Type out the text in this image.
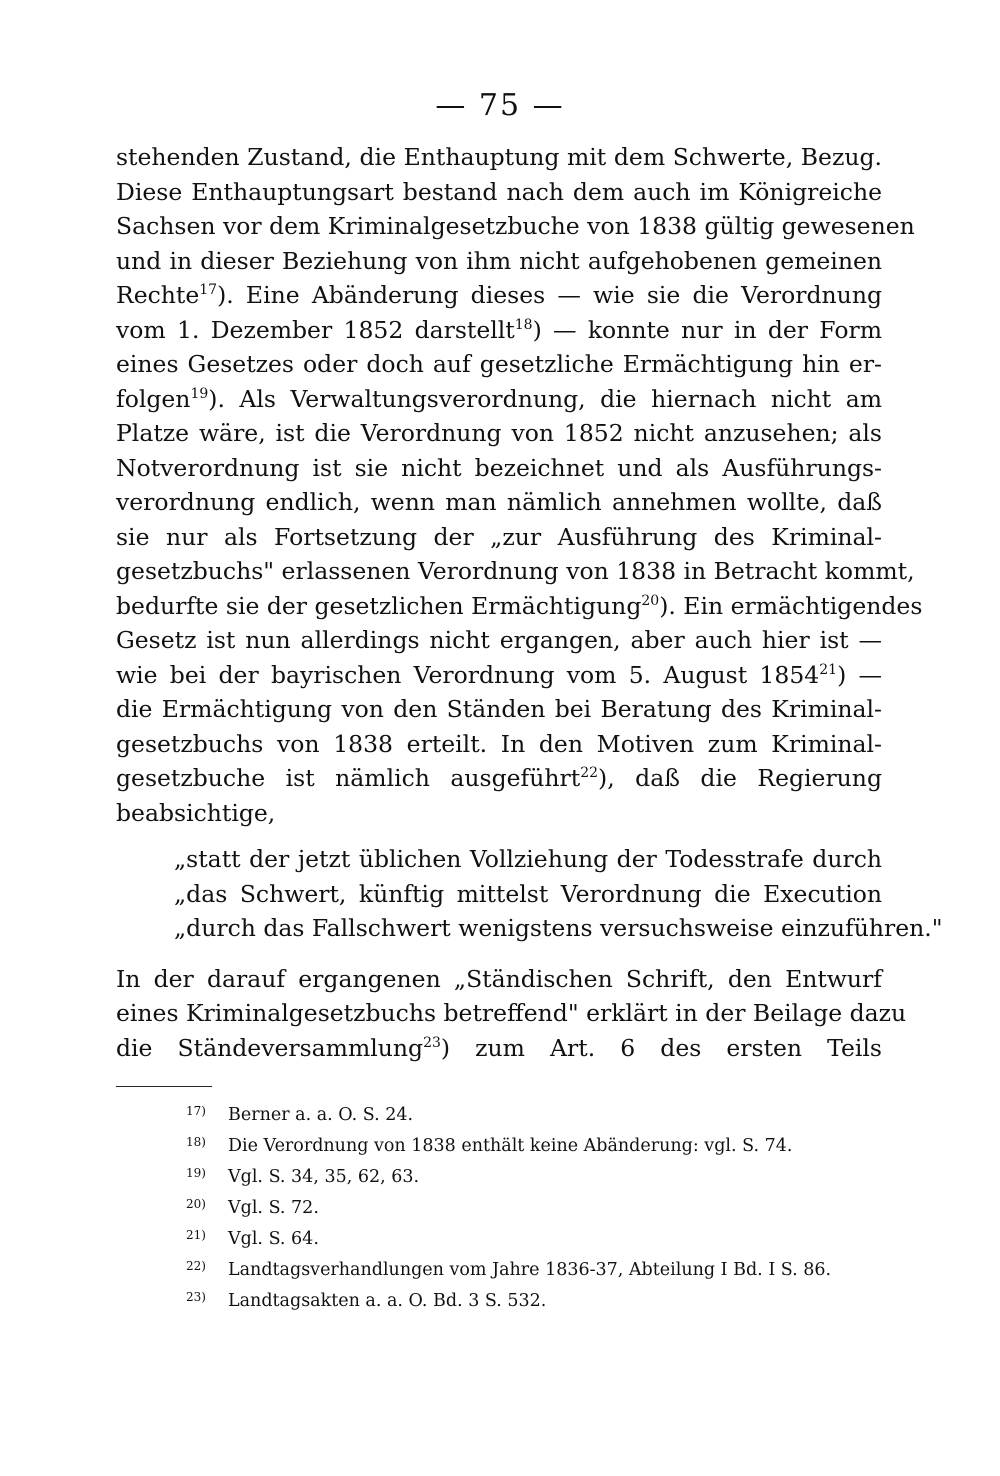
— 75 —
stehenden Zustand, die Enthauptung mit dem Schwerte, Bezug.
Diese Enthauptungsart bestand nach dem auch im Königreiche
Sachsen vor dem Kriminalgesetzbuche von 1838 gültig gewesenen
und in dieser Beziehung von ihm nicht aufgehobenen gemeinen
Rechte$^{17}$). Eine Abänderung dieses — wie sie die Verordnung
vom 1. Dezember 1852 darstellt$^{18}$) — konnte nur in der Form
eines Gesetzes oder doch auf gesetzliche Ermächtigung hin er-
folgen$^{19}$). Als Verwaltungsverordnung, die hiernach nicht am
Platze wäre, ist die Verordnung von 1852 nicht anzusehen; als
Notverordnung ist sie nicht bezeichnet und als Ausführungs-
verordnung endlich, wenn man nämlich annehmen wollte, daß
sie nur als Fortsetzung der „zur Ausführung des Kriminal-
gesetzbuchs" erlassenen Verordnung von 1838 in Betracht kommt,
bedurfte sie der gesetzlichen Ermächtigung$^{20}$). Ein ermächtigendes
Gesetz ist nun allerdings nicht ergangen, aber auch hier ist —
wie bei der bayrischen Verordnung vom 5. August 1854$^{21}$) —
die Ermächtigung von den Ständen bei Beratung des Kriminal-
gesetzbuchs von 1838 erteilt. In den Motiven zum Kriminal-
gesetzbuche ist nämlich ausgeführt$^{22}$), daß die Regierung
beabsichtige,
„statt der jetzt üblichen Vollziehung der Todesstrafe durch
„das Schwert, künftig mittelst Verordnung die Execution
„durch das Fallschwert wenigstens versuchsweise einzuführen."
In der darauf ergangenen „Ständischen Schrift, den Entwurf
eines Kriminalgesetzbuchs betreffend" erklärt in der Beilage dazu
die Ständeversammlung$^{23}$) zum Art. 6 des ersten Teils
17) Berner a. a. O. S. 24.
18) Die Verordnung von 1838 enthält keine Abänderung: vgl. S. 74.
19) Vgl. S. 34, 35, 62, 63.
20) Vgl. S. 72.
21) Vgl. S. 64.
22) Landtagsverhandlungen vom Jahre 1836-37, Abteilung I Bd. I S. 86.
23) Landtagsakten a. a. O. Bd. 3 S. 532.
